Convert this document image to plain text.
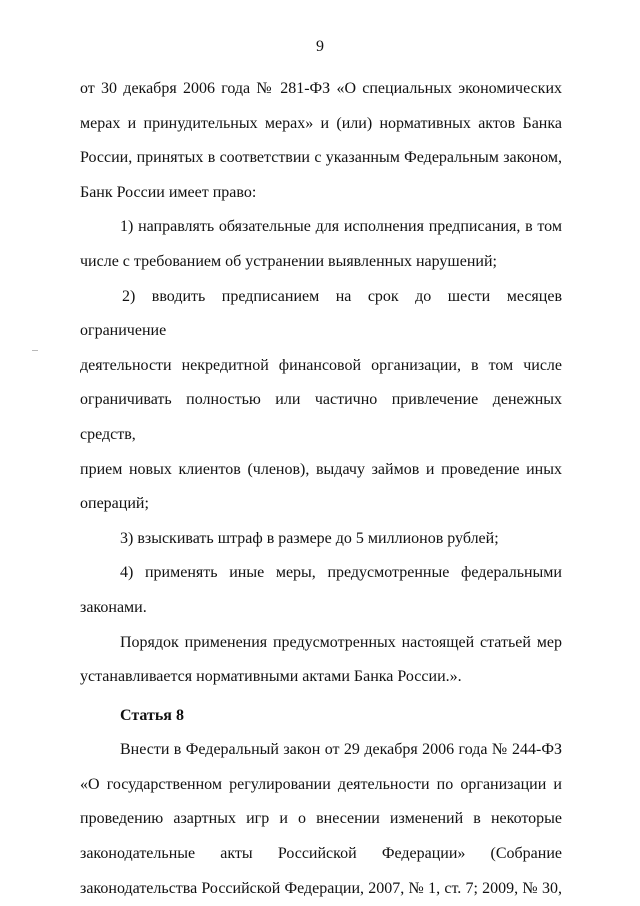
9

от 30 декабря 2006 года № 281-ФЗ «О специальных экономических

мерах и принудительных мерах» и (или) нормативных актов Банка

России, принятых в соответствии с указанным Федеральным законом,

Банк России имеет право:

1) направлять обязательные для исполнения предписания, в том

числе с требованием об устранении выявленных нарушений;

2) вводить предписанием на срок до шести месяцев ограничение

деятельности некредитной финансовой организации, в том числе

ограничивать полностью или частично привлечение денежных средств,

прием новых клиентов (членов), выдачу займов и проведение иных

операций;

3) взыскивать штраф в размере до 5 миллионов рублей;

4) применять иные меры, предусмотренные федеральными законами.

Порядок применения предусмотренных настоящей статьей мер

устанавливается нормативными актами Банка России.».

Статья 8

Внести в Федеральный закон от 29 декабря 2006 года № 244-ФЗ

«О государственном регулировании деятельности по организации и

проведению азартных игр и о внесении изменений в некоторые

законодательные акты Российской Федерации» (Собрание

законодательства Российской Федерации, 2007, № 1, ст. 7; 2009, № 30,
